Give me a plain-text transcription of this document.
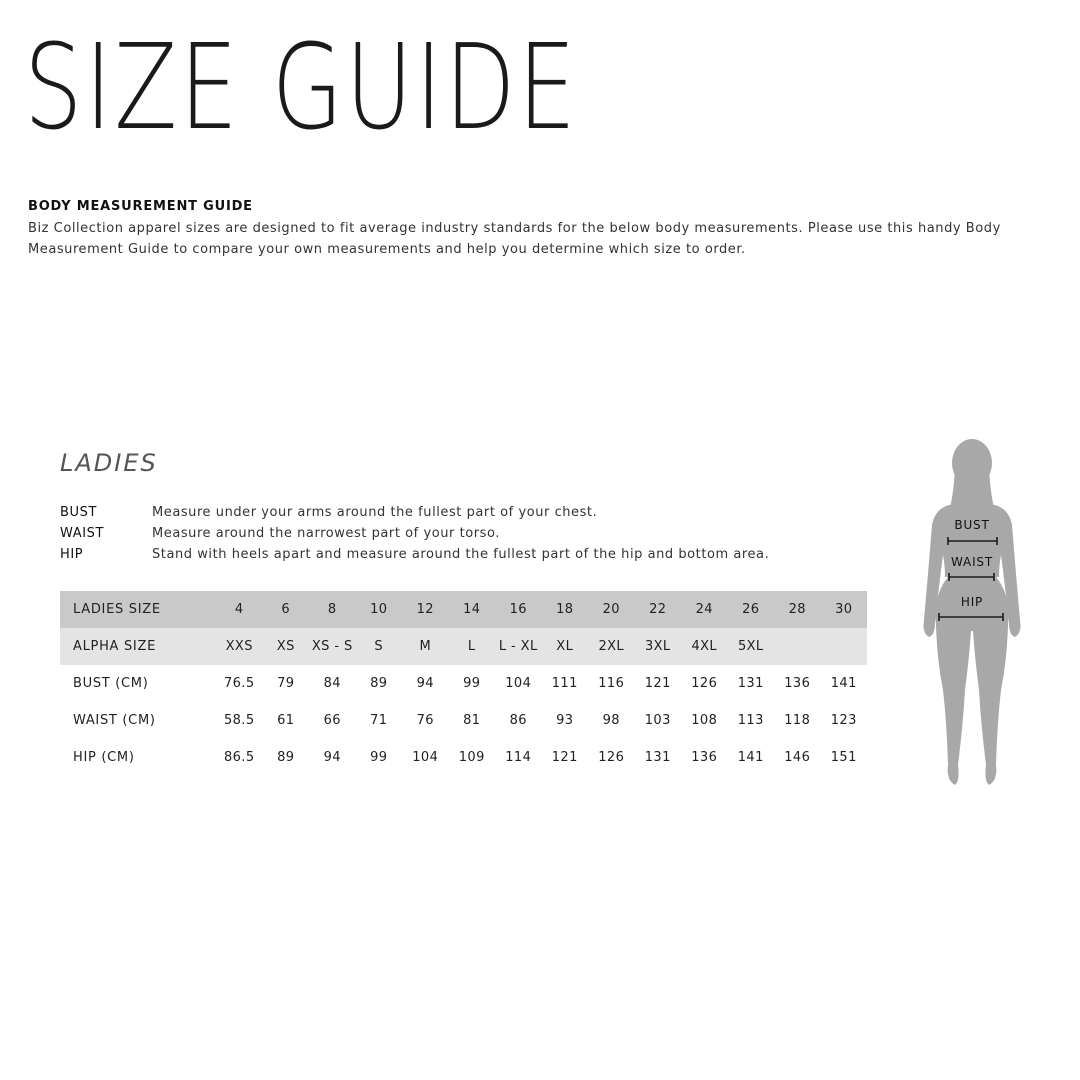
SIZE GUIDE

BODY MEASUREMENT GUIDE

Biz Collection apparel sizes are designed to fit average industry standards for the below body measurements. Please use this handy Body Measurement Guide to compare your own measurements and help you determine which size to order.

LADIES
BUST	Measure under your arms around the fullest part of your chest.
WAIST	Measure around the narrowest part of your torso.
HIP	Stand with heels apart and measure around the fullest part of the hip and bottom area.
LADIES SIZE	4	6	8	10	12	14	16	18	20	22	24	26	28	30
ALPHA SIZE	XXS	XS	XS - S	S	M	L	L - XL	XL	2XL	3XL	4XL	5XL		
BUST (CM)	76.5	79	84	89	94	99	104	111	116	121	126	131	136	141
WAIST (CM)	58.5	61	66	71	76	81	86	93	98	103	108	113	118	123
HIP (CM)	86.5	89	94	99	104	109	114	121	126	131	136	141	146	151
BUST
WAIST
HIP
